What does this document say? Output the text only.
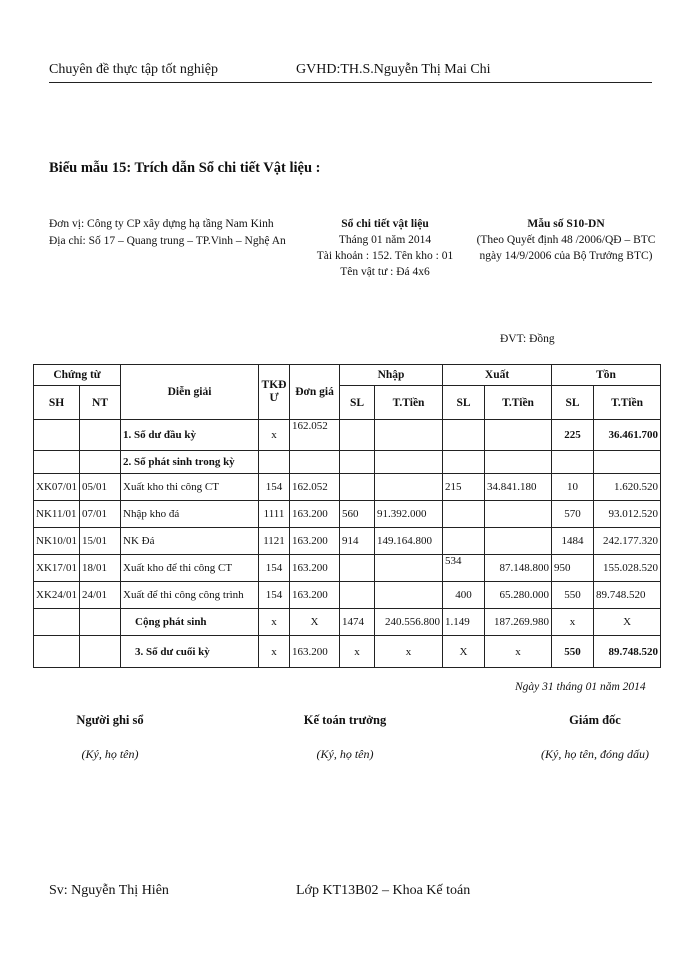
Chuyên đề thực tập tốt nghiệp	GVHD:TH.S.Nguyễn Thị Mai Chi
Biểu mẫu 15: Trích dẫn Sổ chi tiết Vật liệu :
Đơn vị: Công ty CP xây dựng hạ tầng Nam Kinh
Địa chỉ: Số 17 – Quang trung – TP.Vinh – Nghệ An
Sổ chi tiết vật liệu
Tháng 01 năm 2014
Tài khoản : 152. Tên kho : 01
Tên vật tư : Đá 4x6
Mẫu số S10-DN
(Theo Quyết định 48 /2006/QĐ – BTC
ngày 14/9/2006 của Bộ Trưởng BTC)
ĐVT: Đồng
Chứng từ		Diễn giải	TKĐ Ư	Đơn giá	Nhập		Xuất		Tồn	
SH	NT				SL	T.Tiền	SL	T.Tiền	SL	T.Tiền
		1. Số dư đầu kỳ	x	162.052					225	36.461.700
		2. Số phát sinh trong kỳ								
XK07/01	05/01	Xuất kho thi công CT	154	162.052			215	34.841.180	10	1.620.520
NK11/01	07/01	Nhập kho đá	1111	163.200	560	91.392.000			570	93.012.520
NK10/01	15/01	NK Đá	1121	163.200	914	149.164.800			1484	242.177.320
XK17/01	18/01	Xuất kho để thi công CT	154	163.200			534	87.148.800	950	155.028.520
XK24/01	24/01	Xuất để thi công công trình	154	163.200			400	65.280.000	550	89.748.520
		Cộng phát sinh	x	X	1474	240.556.800	1.149	187.269.980	x	X
		3. Số dư cuối kỳ	x	163.200	x	x	X	x	550	89.748.520
Ngày 31 tháng 01 năm 2014
Người ghi sổ
(Ký, họ tên)
Kế toán trưởng
(Ký, họ tên)
Giám đốc
(Ký, họ tên, đóng dấu)
Sv: Nguyễn Thị Hiên	Lớp KT13B02 – Khoa Kế toán
